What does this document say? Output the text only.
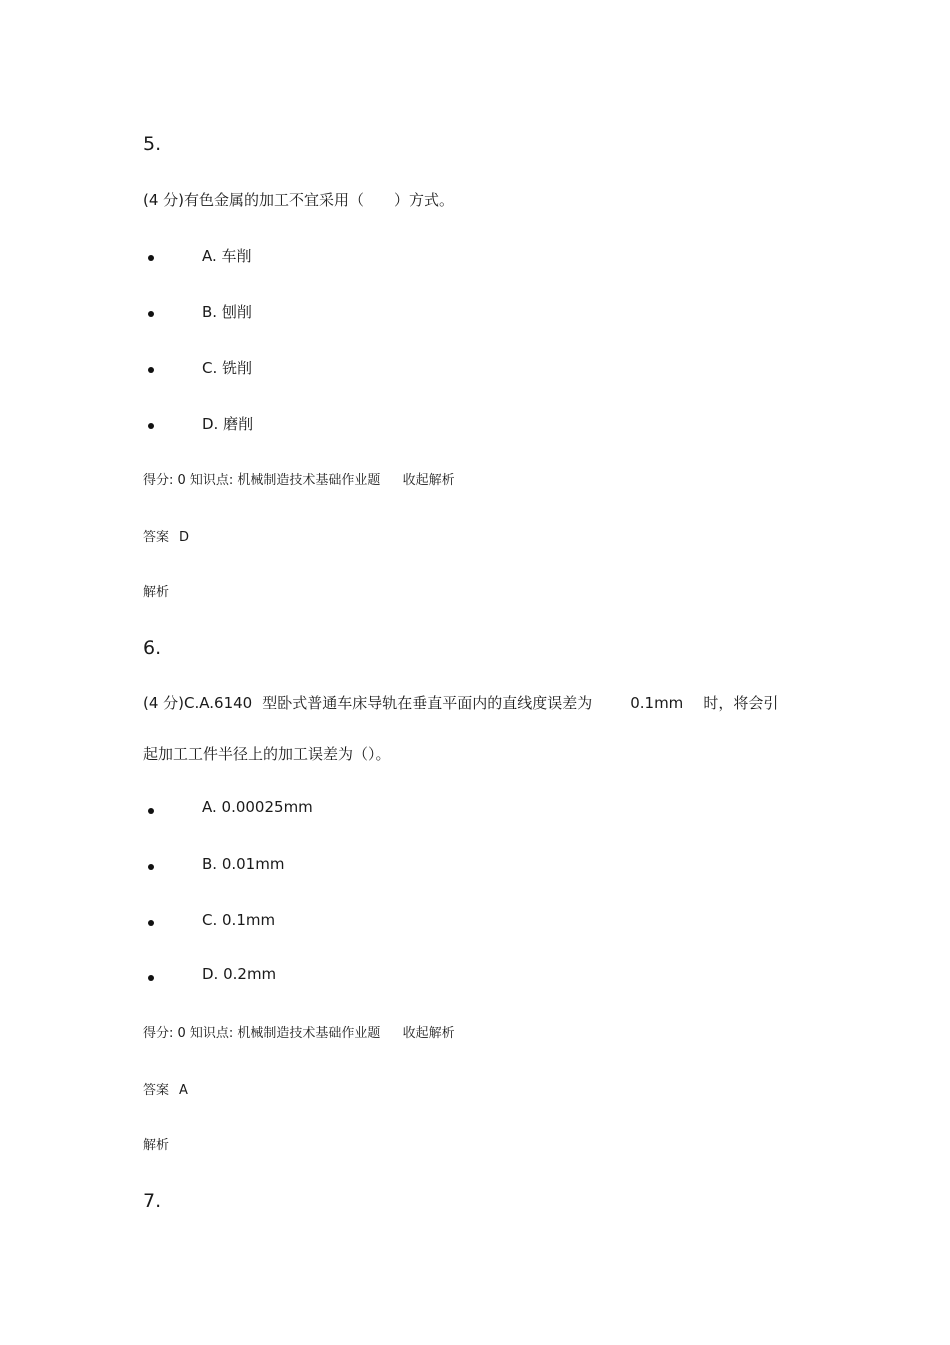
5.
(4 分)有色金属的加工不宜采用（　　）方式。
A. 车削
B. 刨削
C. 铣削
D. 磨削
得分: 0 知识点: 机械制造技术基础作业题 收起解析
答案 D
解析
6.
(4 分)C.A.6140 型卧式普通车床导轨在垂直平面内的直线度误差为	0.1mm 时，将会引
起加工工件半径上的加工误差为（）。
A. 0.00025mm
B. 0.01mm
C. 0.1mm
D. 0.2mm
得分: 0 知识点: 机械制造技术基础作业题 收起解析
答案 A
解析
7.
